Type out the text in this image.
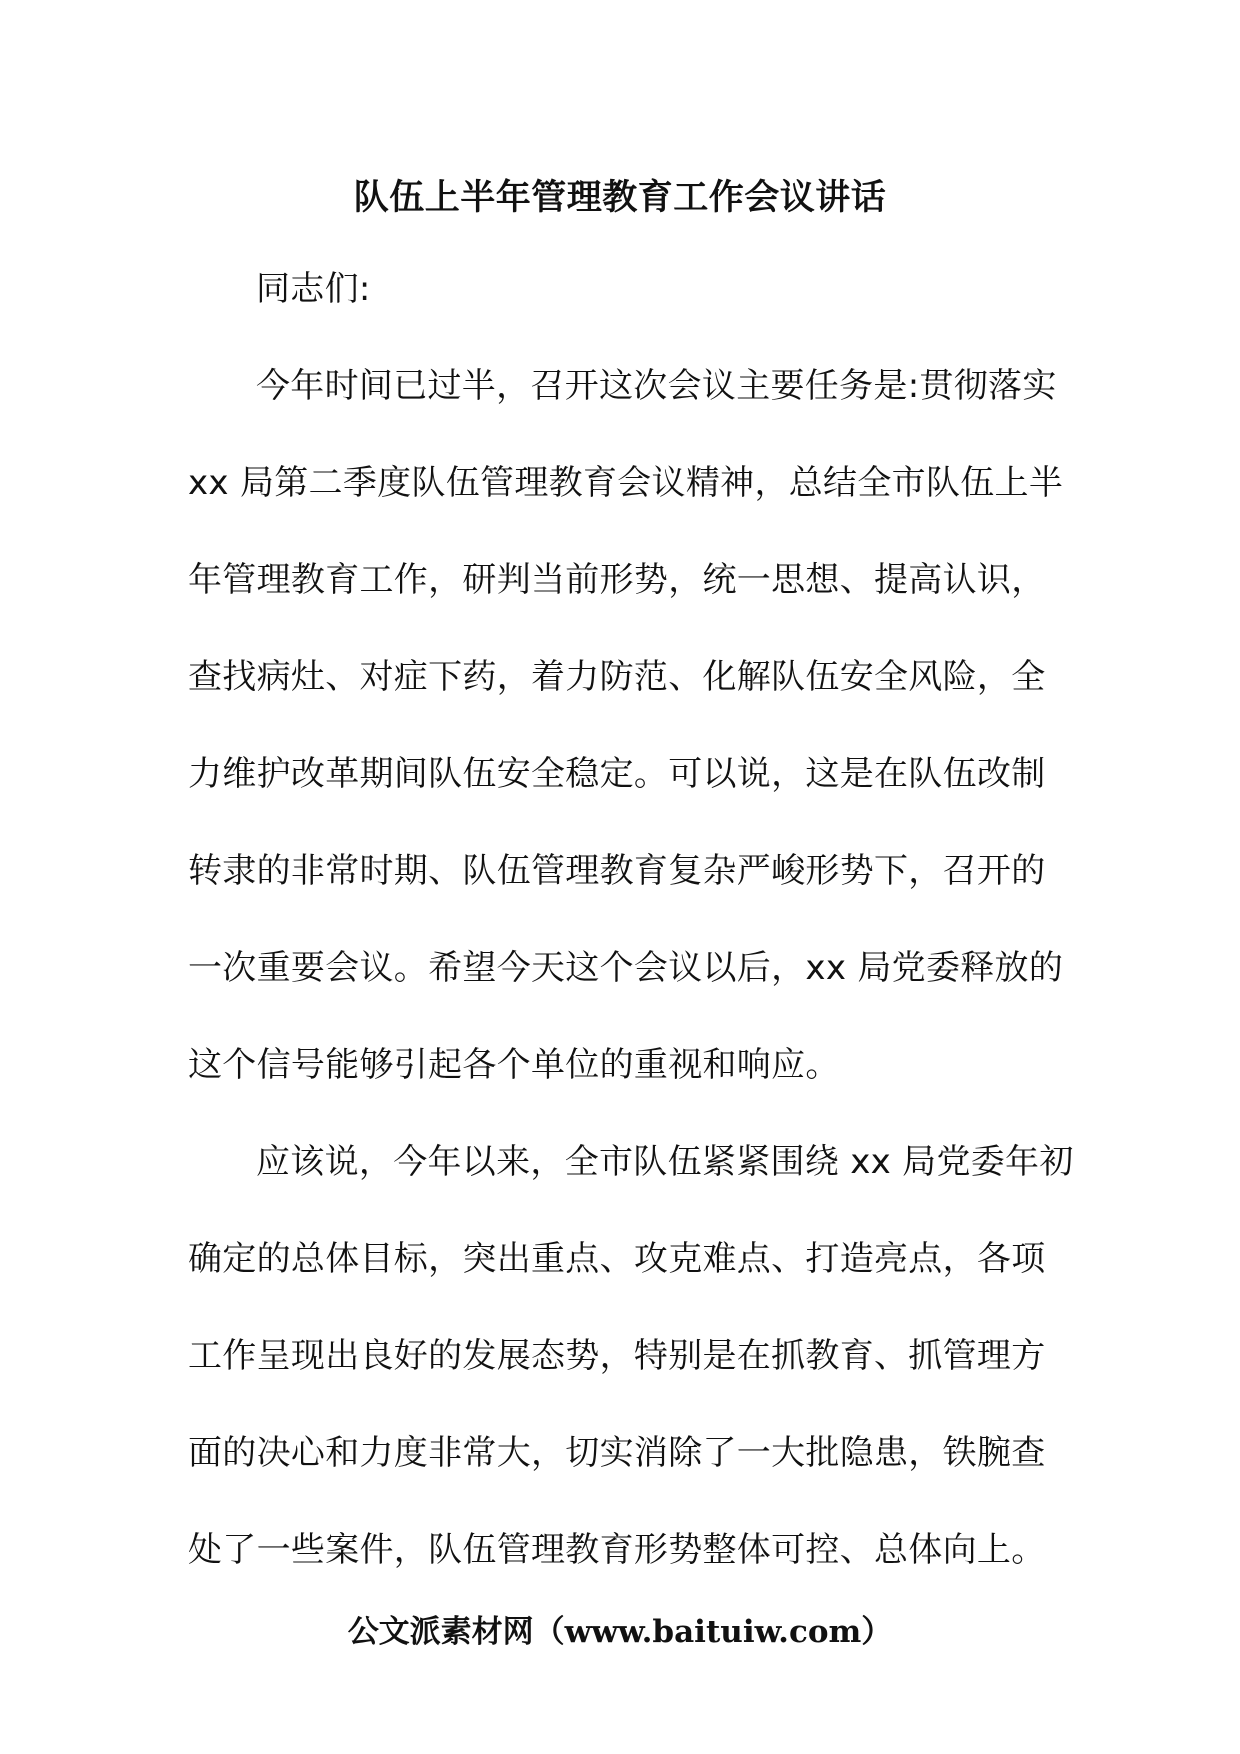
队伍上半年管理教育工作会议讲话
同志们:
今年时间已过半，召开这次会议主要任务是:贯彻落实
xx 局第二季度队伍管理教育会议精神，总结全市队伍上半
年管理教育工作，研判当前形势，统一思想、提高认识，
查找病灶、对症下药，着力防范、化解队伍安全风险，全
力维护改革期间队伍安全稳定。可以说，这是在队伍改制
转隶的非常时期、队伍管理教育复杂严峻形势下，召开的
一次重要会议。希望今天这个会议以后，xx 局党委释放的
这个信号能够引起各个单位的重视和响应。
应该说，今年以来，全市队伍紧紧围绕 xx 局党委年初
确定的总体目标，突出重点、攻克难点、打造亮点，各项
工作呈现出良好的发展态势，特别是在抓教育、抓管理方
面的决心和力度非常大，切实消除了一大批隐患，铁腕查
处了一些案件，队伍管理教育形势整体可控、总体向上。
公文派素材网（www.baituiw.com）
